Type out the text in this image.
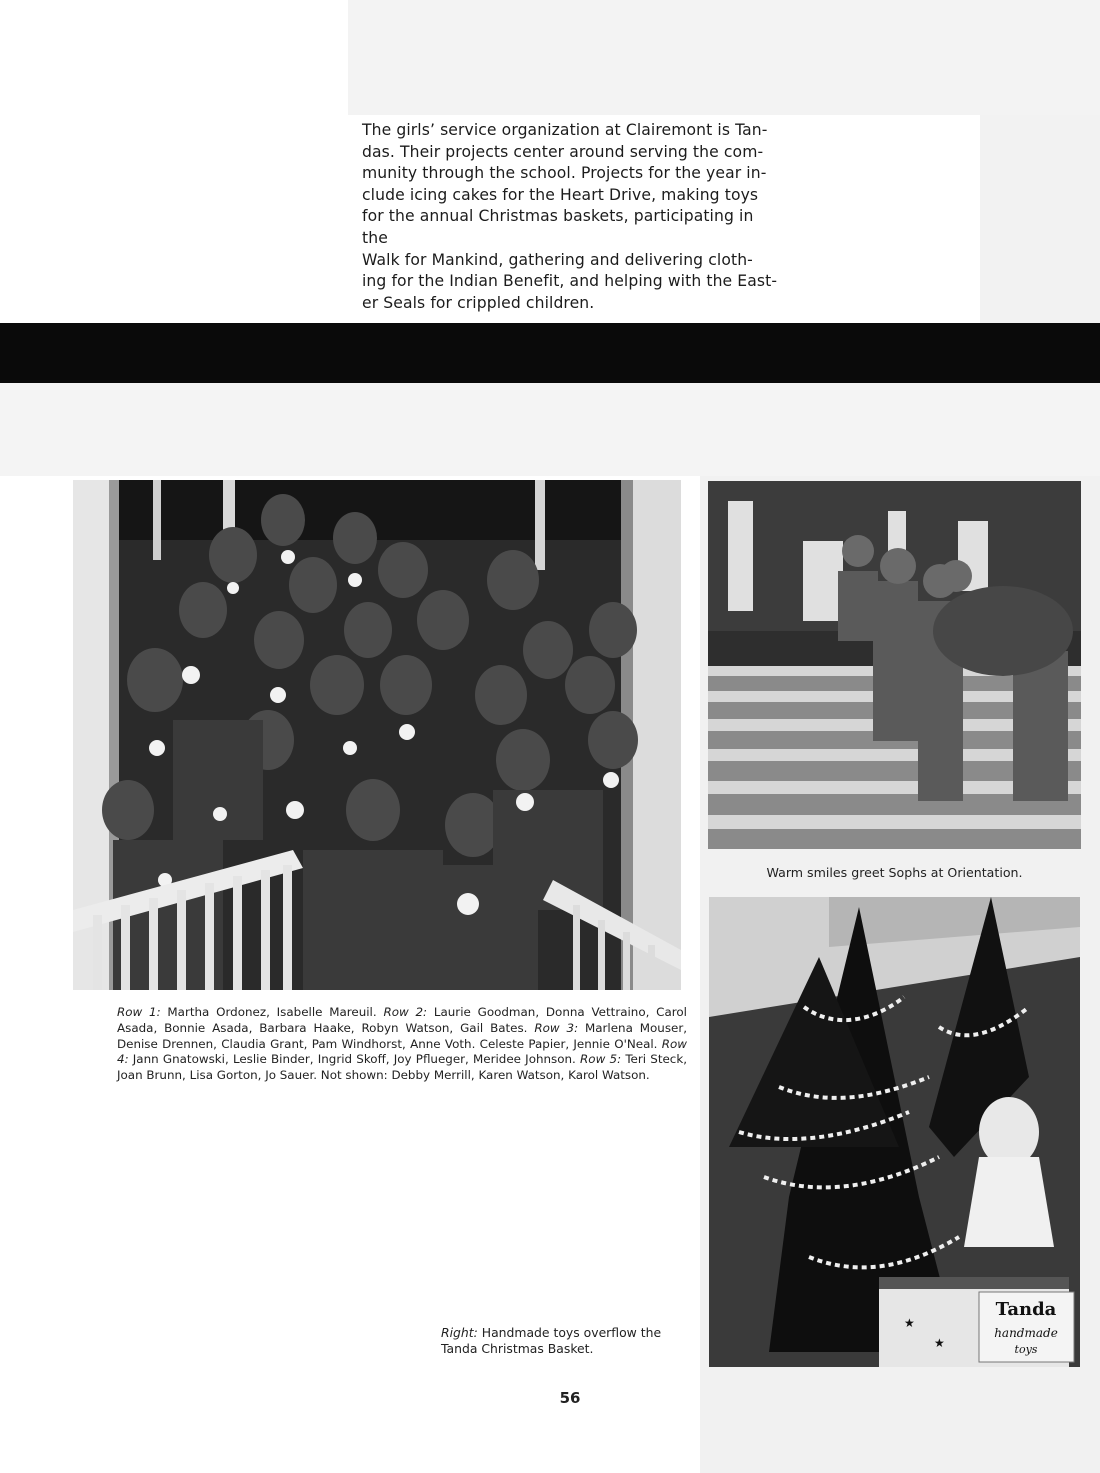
The girls’ service organization at Clairemont is Tan-
das. Their projects center around serving the com-
munity through the school. Projects for the year in-
clude icing cakes for the Heart Drive, making toys
for the annual Christmas baskets, participating in the
Walk for Mankind, gathering and delivering cloth-
ing for the Indian Benefit, and helping with the East-
er Seals for crippled children.

Warm smiles greet Sophs at Orientation.
Tanda
handmade
toys
★
★

Row 1: Martha Ordonez, Isabelle Mareuil. Row 2: Laurie Goodman, Donna Vettraino, Carol Asada, Bonnie Asada, Barbara Haake, Robyn Watson, Gail Bates. Row 3: Marlena Mouser, Denise Drennen, Claudia Grant, Pam Windhorst, Anne Voth. Celeste Papier, Jennie O'Neal. Row 4: Jann Gnatowski, Leslie Binder, Ingrid Skoff, Joy Pflueger, Meridee Johnson. Row 5: Teri Steck, Joan Brunn, Lisa Gorton, Jo Sauer. Not shown: Debby Merrill, Karen Watson, Karol Watson.

Right: Handmade toys overflow the Tanda Christmas Basket.

56
